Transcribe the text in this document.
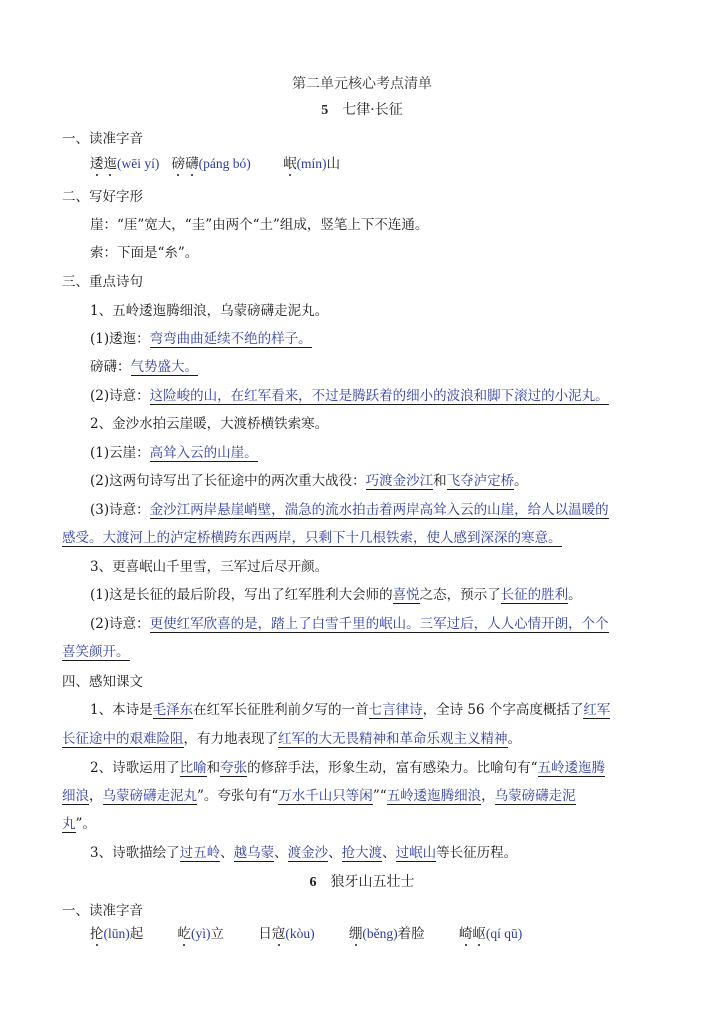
第二单元核心考点清单
5 七律·长征
一、读准字音
逶迤(wēi yí) 磅礴(páng bó) 岷(mín)山
二、写好字形
崖：“厓”宽大，“圭”由两个“土”组成，竖笔上下不连通。
索：下面是“糸”。
三、重点诗句
1、五岭逶迤腾细浪，乌蒙磅礴走泥丸。
(1)逶迤：弯弯曲曲延续不绝的样子。
磅礴：气势盛大。
(2)诗意：这险峻的山，在红军看来，不过是腾跃着的细小的波浪和脚下滚过的小泥丸。
2、金沙水拍云崖暖，大渡桥横铁索寒。
(1)云崖：高耸入云的山崖。
(2)这两句诗写出了长征途中的两次重大战役：巧渡金沙江和飞夺泸定桥。
(3)诗意：金沙江两岸悬崖峭壁，湍急的流水拍击着两岸高耸入云的山崖，给人以温暖的
感受。大渡河上的泸定桥横跨东西两岸，只剩下十几根铁索，使人感到深深的寒意。
3、更喜岷山千里雪，三军过后尽开颜。
(1)这是长征的最后阶段，写出了红军胜利大会师的喜悦之态，预示了长征的胜利。
(2)诗意：更使红军欣喜的是，踏上了白雪千里的岷山。三军过后，人人心情开朗，个个
喜笑颜开。
四、感知课文
1、本诗是毛泽东在红军长征胜利前夕写的一首七言律诗，全诗 56 个字高度概括了红军
长征途中的艰难险阻，有力地表现了红军的大无畏精神和革命乐观主义精神。
2、诗歌运用了比喻和夸张的修辞手法，形象生动，富有感染力。比喻句有“五岭逶迤腾
细浪，乌蒙磅礴走泥丸”。夸张句有“万水千山只等闲”“五岭逶迤腾细浪，乌蒙磅礴走泥
丸”。
3、诗歌描绘了过五岭、越乌蒙、渡金沙、抢大渡、过岷山等长征历程。
6 狼牙山五壮士
一、读准字音
抡(lūn)起	屹(yì)立	日寇(kòu)	绷(běng)着脸	崎岖(qí qū)
